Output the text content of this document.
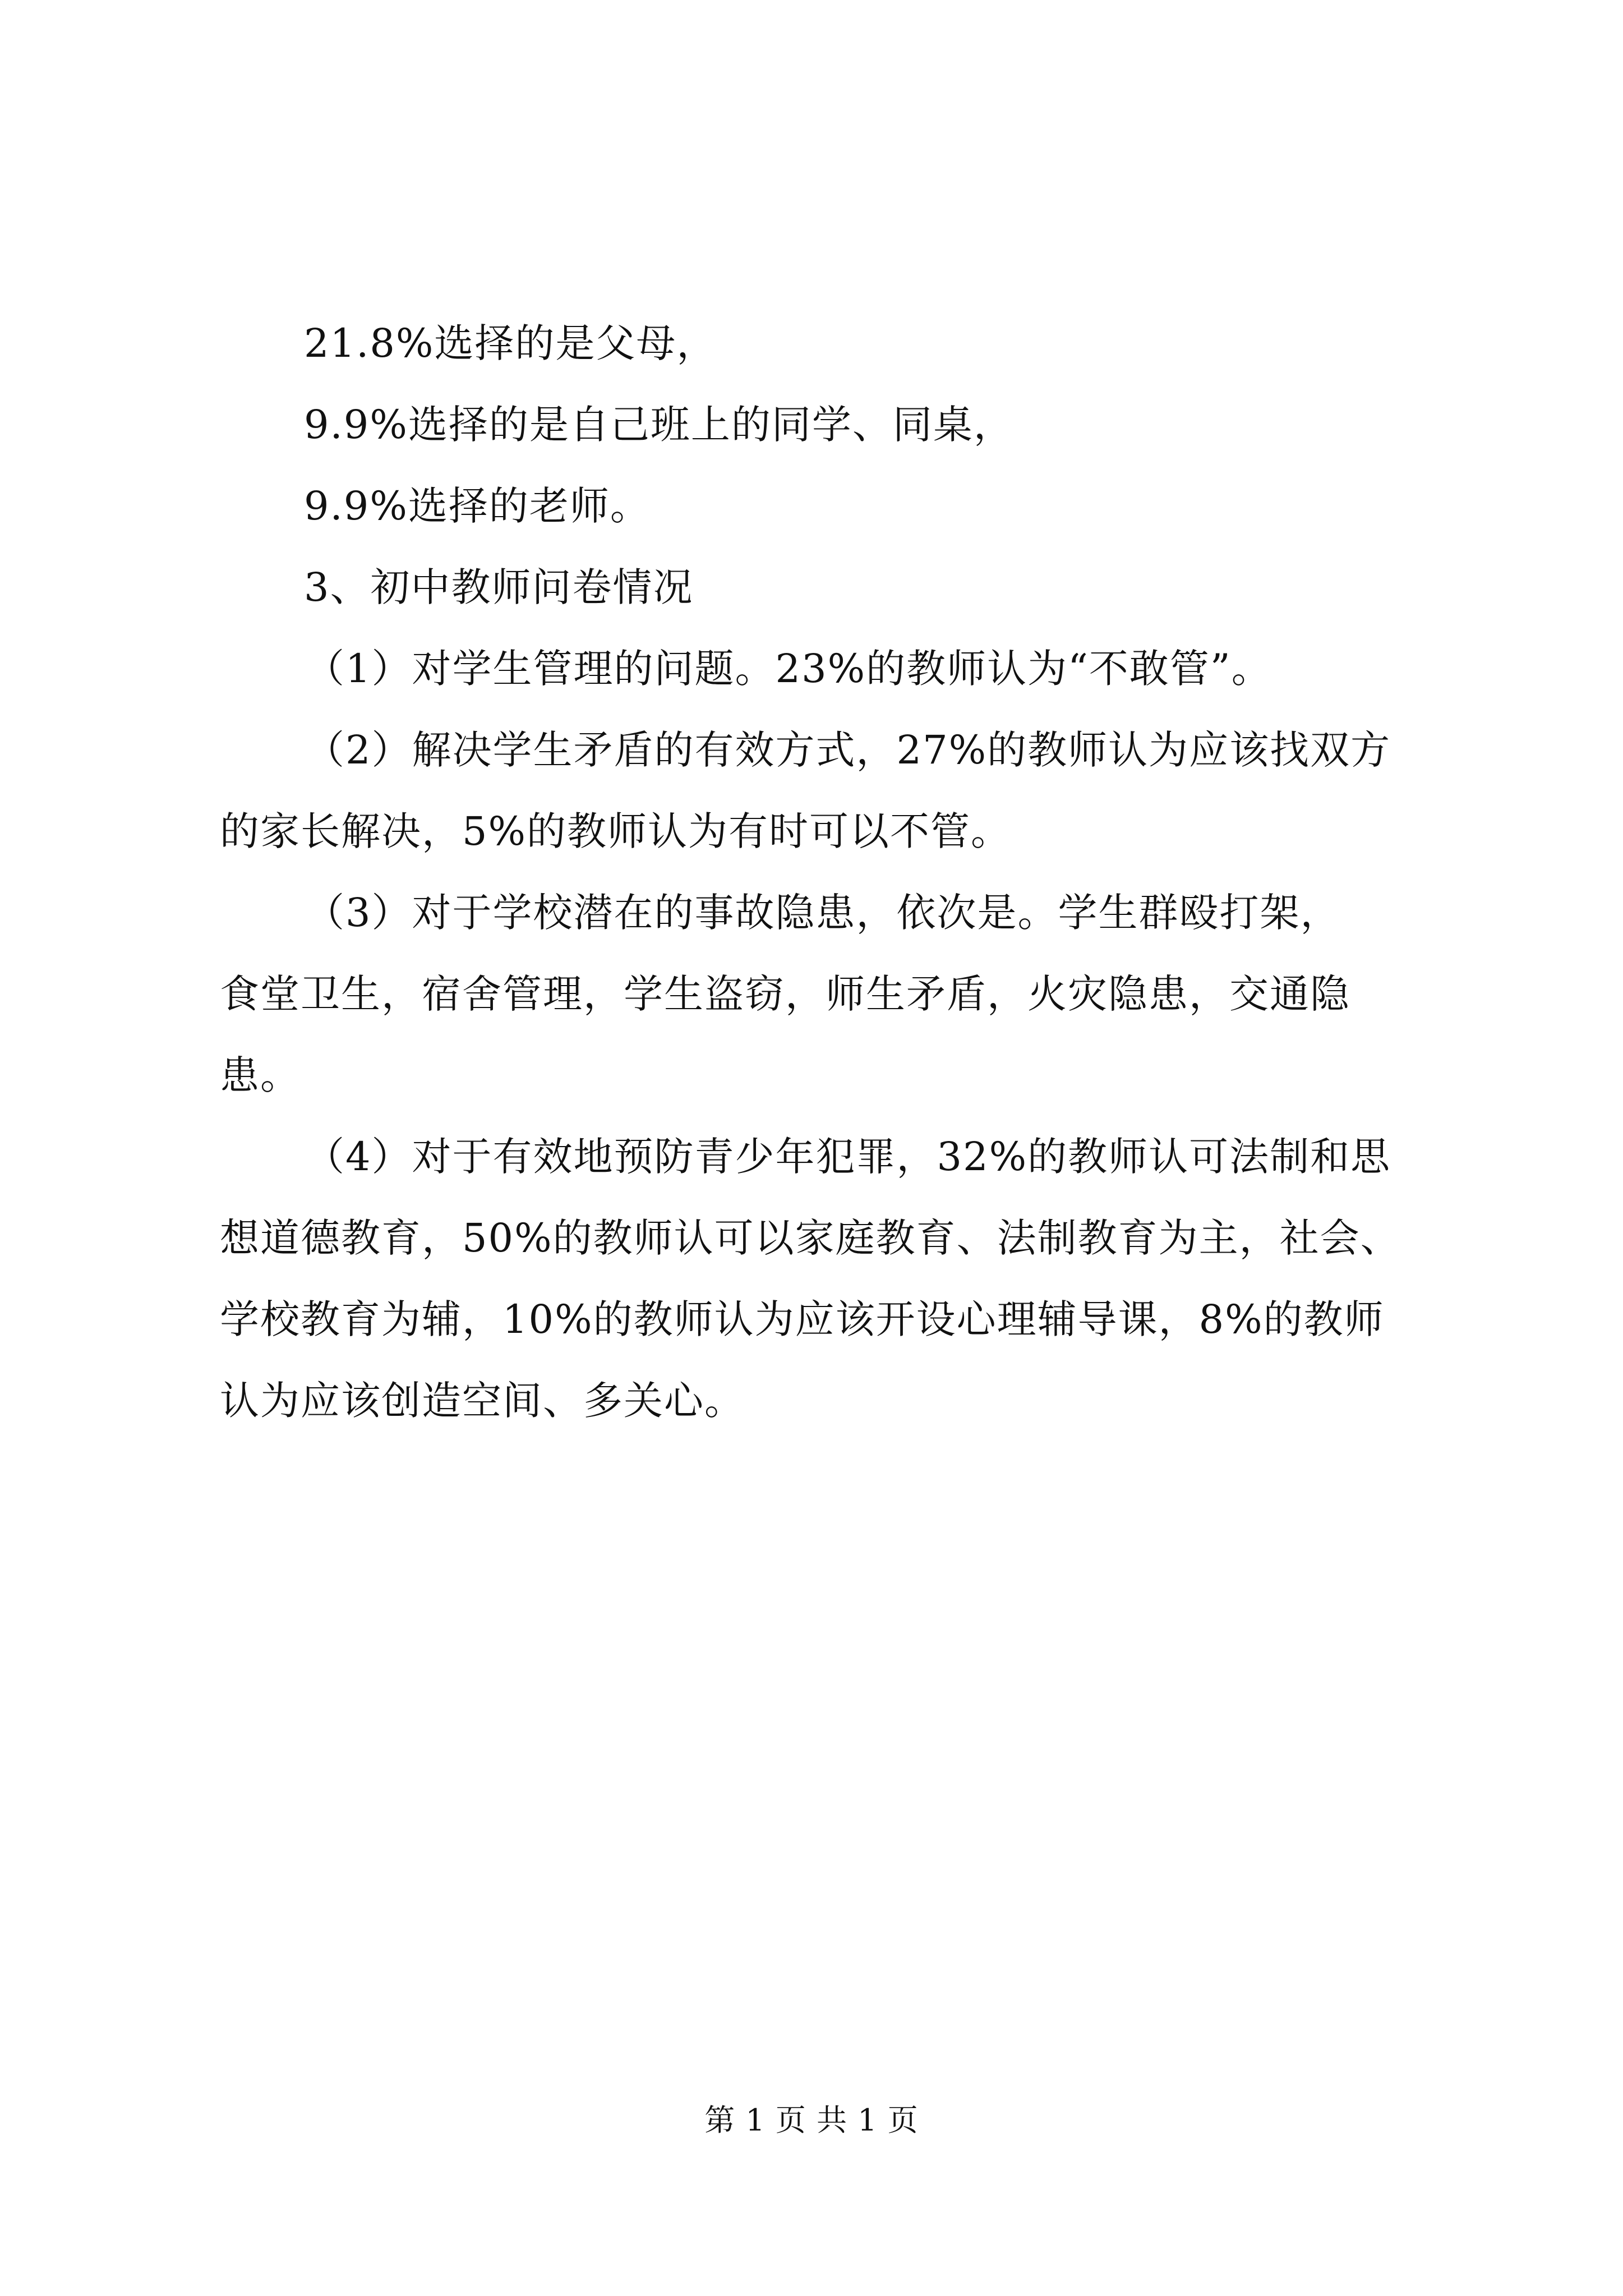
21.8%选择的是父母，
9.9%选择的是自己班上的同学、同桌，
9.9%选择的老师。
3、初中教师问卷情况
（1）对学生管理的问题。23%的教师认为“不敢管”。
（2）解决学生矛盾的有效方式，27%的教师认为应该找双方
的家长解决，5%的教师认为有时可以不管。
（3）对于学校潜在的事故隐患，依次是。学生群殴打架，
食堂卫生，宿舍管理，学生盗窃，师生矛盾，火灾隐患，交通隐
患。
（4）对于有效地预防青少年犯罪，32%的教师认可法制和思
想道德教育，50%的教师认可以家庭教育、法制教育为主，社会、
学校教育为辅，10%的教师认为应该开设心理辅导课，8%的教师
认为应该创造空间、多关心。
第 1 页 共 1 页
